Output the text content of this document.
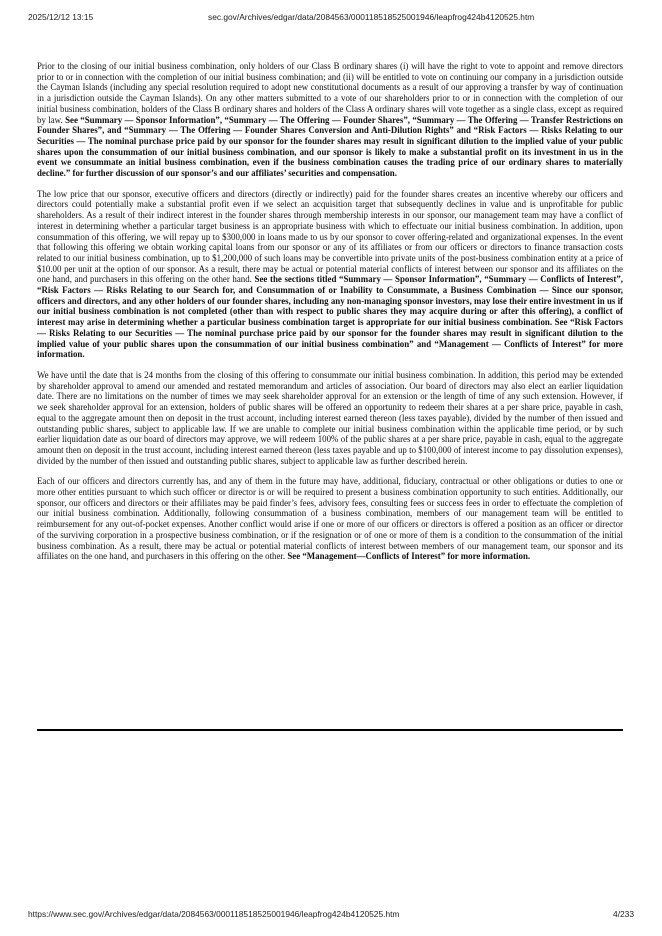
2025/12/12 13:15	sec.gov/Archives/edgar/data/2084563/000118518525001946/leapfrog424b4120525.htm

Prior to the closing of our initial business combination, only holders of our Class B ordinary shares (i) will have the right to vote to appoint and remove directors prior to or in connection with the completion of our initial business combination; and (ii) will be entitled to vote on continuing our company in a jurisdiction outside the Cayman Islands (including any special resolution required to adopt new constitutional documents as a result of our approving a transfer by way of continuation in a jurisdiction outside the Cayman Islands). On any other matters submitted to a vote of our shareholders prior to or in connection with the completion of our initial business combination, holders of the Class B ordinary shares and holders of the Class A ordinary shares will vote together as a single class, except as required by law. See “Summary — Sponsor Information”, “Summary — The Offering — Founder Shares”, “Summary — The Offering — Transfer Restrictions on Founder Shares”, and “Summary — The Offering — Founder Shares Conversion and Anti-Dilution Rights” and “Risk Factors — Risks Relating to our Securities — The nominal purchase price paid by our sponsor for the founder shares may result in significant dilution to the implied value of your public shares upon the consummation of our initial business combination, and our sponsor is likely to make a substantial profit on its investment in us in the event we consummate an initial business combination, even if the business combination causes the trading price of our ordinary shares to materially decline.” for further discussion of our sponsor’s and our affiliates’ securities and compensation.

The low price that our sponsor, executive officers and directors (directly or indirectly) paid for the founder shares creates an incentive whereby our officers and directors could potentially make a substantial profit even if we select an acquisition target that subsequently declines in value and is unprofitable for public shareholders. As a result of their indirect interest in the founder shares through membership interests in our sponsor, our management team may have a conflict of interest in determining whether a particular target business is an appropriate business with which to effectuate our initial business combination. In addition, upon consummation of this offering, we will repay up to $300,000 in loans made to us by our sponsor to cover offering-related and organizational expenses. In the event that following this offering we obtain working capital loans from our sponsor or any of its affiliates or from our officers or directors to finance transaction costs related to our initial business combination, up to $1,200,000 of such loans may be convertible into private units of the post-business combination entity at a price of $10.00 per unit at the option of our sponsor. As a result, there may be actual or potential material conflicts of interest between our sponsor and its affiliates on the one hand, and purchasers in this offering on the other hand. See the sections titled “Summary — Sponsor Information”, “Summary — Conflicts of Interest”, “Risk Factors — Risks Relating to our Search for, and Consummation of or Inability to Consummate, a Business Combination — Since our sponsor, officers and directors, and any other holders of our founder shares, including any non-managing sponsor investors, may lose their entire investment in us if our initial business combination is not completed (other than with respect to public shares they may acquire during or after this offering), a conflict of interest may arise in determining whether a particular business combination target is appropriate for our initial business combination. See “Risk Factors — Risks Relating to our Securities — The nominal purchase price paid by our sponsor for the founder shares may result in significant dilution to the implied value of your public shares upon the consummation of our initial business combination” and “Management — Conflicts of Interest” for more information.

We have until the date that is 24 months from the closing of this offering to consummate our initial business combination. In addition, this period may be extended by shareholder approval to amend our amended and restated memorandum and articles of association. Our board of directors may also elect an earlier liquidation date. There are no limitations on the number of times we may seek shareholder approval for an extension or the length of time of any such extension. However, if we seek shareholder approval for an extension, holders of public shares will be offered an opportunity to redeem their shares at a per share price, payable in cash, equal to the aggregate amount then on deposit in the trust account, including interest earned thereon (less taxes payable), divided by the number of then issued and outstanding public shares, subject to applicable law. If we are unable to complete our initial business combination within the applicable time period, or by such earlier liquidation date as our board of directors may approve, we will redeem 100% of the public shares at a per share price, payable in cash, equal to the aggregate amount then on deposit in the trust account, including interest earned thereon (less taxes payable and up to $100,000 of interest income to pay dissolution expenses), divided by the number of then issued and outstanding public shares, subject to applicable law as further described herein.

Each of our officers and directors currently has, and any of them in the future may have, additional, fiduciary, contractual or other obligations or duties to one or more other entities pursuant to which such officer or director is or will be required to present a business combination opportunity to such entities. Additionally, our sponsor, our officers and directors or their affiliates may be paid finder’s fees, advisory fees, consulting fees or success fees in order to effectuate the completion of our initial business combination. Additionally, following consummation of a business combination, members of our management team will be entitled to reimbursement for any out-of-pocket expenses. Another conflict would arise if one or more of our officers or directors is offered a position as an officer or director of the surviving corporation in a prospective business combination, or if the resignation or of one or more of them is a condition to the consummation of the initial business combination. As a result, there may be actual or potential material conflicts of interest between members of our management team, our sponsor and its affiliates on the one hand, and purchasers in this offering on the other. See “Management—Conflicts of Interest” for more information.

https://www.sec.gov/Archives/edgar/data/2084563/000118518525001946/leapfrog424b4120525.htm	4/233
